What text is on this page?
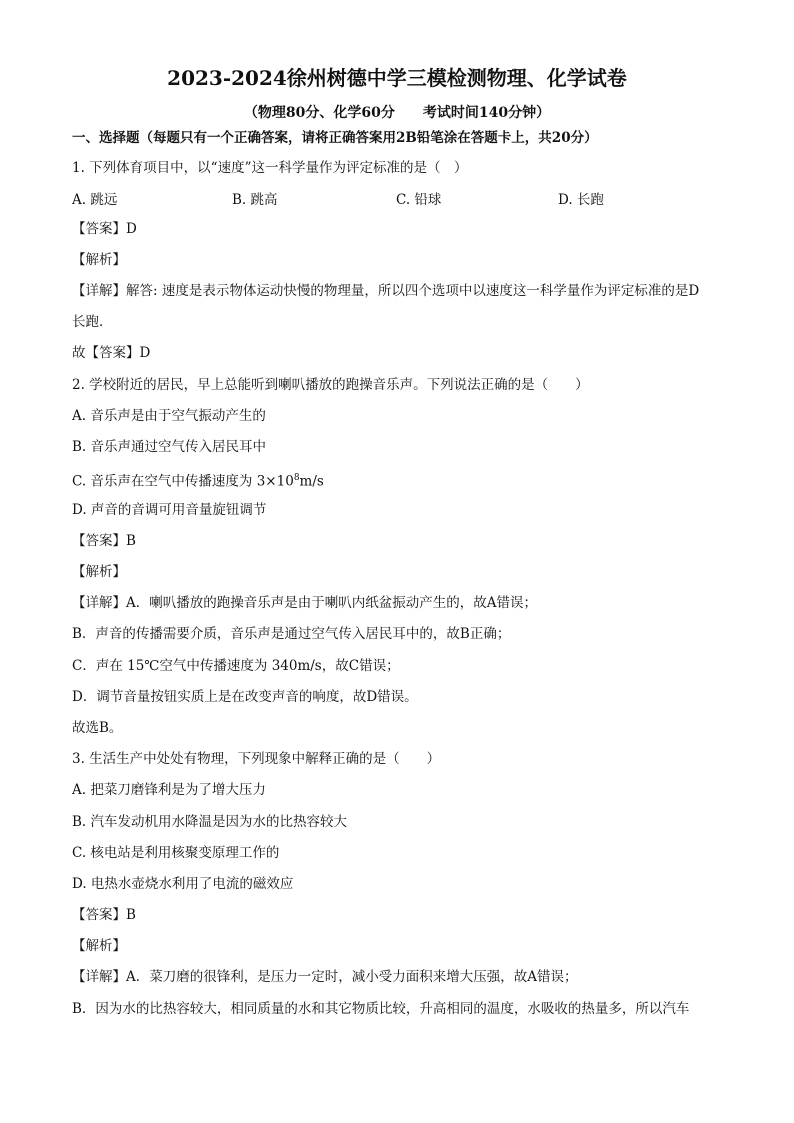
2023-2024徐州树德中学三模检测物理、化学试卷
（物理80分、化学60分 考试时间140分钟）
一、选择题（每题只有一个正确答案，请将正确答案用2B铅笔涂在答题卡上，共20分）
1. 下列体育项目中，以“速度”这一科学量作为评定标准的是（　）
A. 跳远	B. 跳高	C. 铅球	D. 长跑
【答案】D
【解析】
【详解】解答: 速度是表示物体运动快慢的物理量，所以四个选项中以速度这一科学量作为评定标准的是D
长跑．
故【答案】D
2. 学校附近的居民，早上总能听到喇叭播放的跑操音乐声。下列说法正确的是（　　）
A. 音乐声是由于空气振动产生的
B. 音乐声通过空气传入居民耳中
C. 音乐声在空气中传播速度为 $3\times 10^8m/s$
D. 声音的音调可用音量旋钮调节
【答案】B
【解析】
【详解】A．喇叭播放的跑操音乐声是由于喇叭内纸盆振动产生的，故A错误；
B．声音的传播需要介质，音乐声是通过空气传入居民耳中的，故B正确；
C．声在 15℃空气中传播速度为 340m/s，故C错误；
D．调节音量按钮实质上是在改变声音的响度，故D错误。
故选B。
3. 生活生产中处处有物理，下列现象中解释正确的是（　　）
A. 把菜刀磨锋利是为了增大压力
B. 汽车发动机用水降温是因为水的比热容较大
C. 核电站是利用核聚变原理工作的
D. 电热水壶烧水利用了电流的磁效应
【答案】B
【解析】
【详解】A．菜刀磨的很锋利，是压力一定时，减小受力面积来增大压强，故A错误；
B．因为水的比热容较大，相同质量的水和其它物质比较，升高相同的温度，水吸收的热量多，所以汽车
